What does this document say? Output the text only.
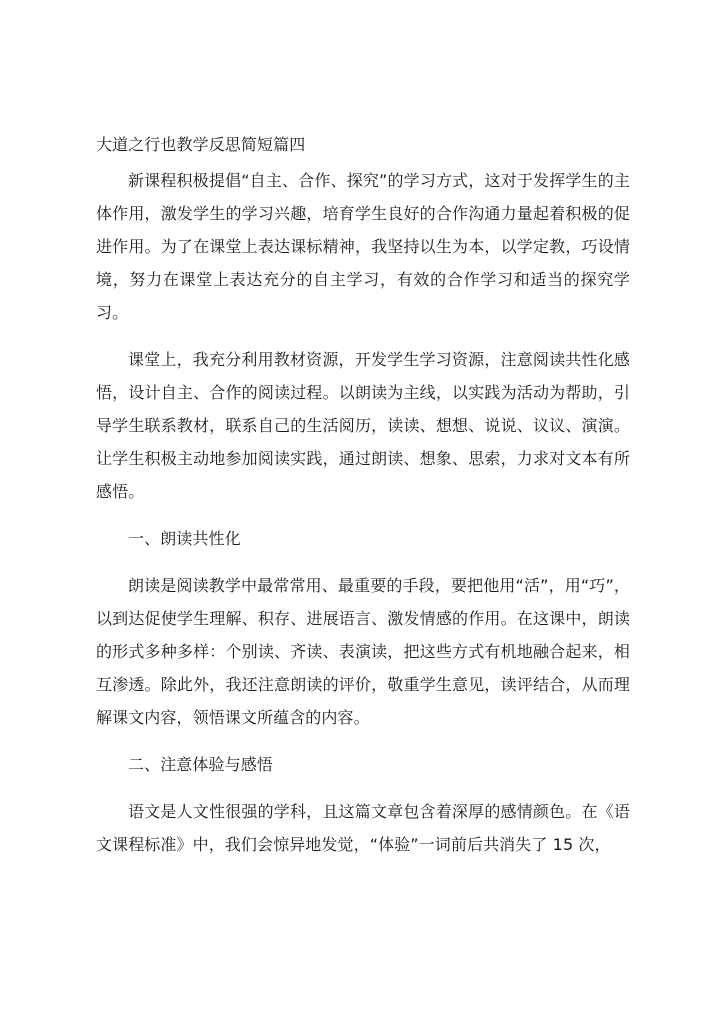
大道之行也教学反思简短篇四

新课程积极提倡“自主、合作、探究”的学习方式，这对于发挥学生的主体作用，激发学生的学习兴趣，培育学生良好的合作沟通力量起着积极的促进作用。为了在课堂上表达课标精神，我坚持以生为本，以学定教，巧设情境，努力在课堂上表达充分的自主学习，有效的合作学习和适当的探究学习。

课堂上，我充分利用教材资源，开发学生学习资源，注意阅读共性化感悟，设计自主、合作的阅读过程。以朗读为主线，以实践为活动为帮助，引导学生联系教材，联系自己的生活阅历，读读、想想、说说、议议、演演。让学生积极主动地参加阅读实践，通过朗读、想象、思索，力求对文本有所感悟。

一、朗读共性化

朗读是阅读教学中最常常用、最重要的手段，要把他用“活”，用“巧”，以到达促使学生理解、积存、进展语言、激发情感的作用。在这课中，朗读的形式多种多样：个别读、齐读、表演读，把这些方式有机地融合起来，相互渗透。除此外，我还注意朗读的评价，敬重学生意见，读评结合，从而理解课文内容，领悟课文所蕴含的内容。

二、注意体验与感悟

语文是人文性很强的学科，且这篇文章包含着深厚的感情颜色。在《语文课程标准》中，我们会惊异地发觉，“体验”一词前后共消失了 15 次，
